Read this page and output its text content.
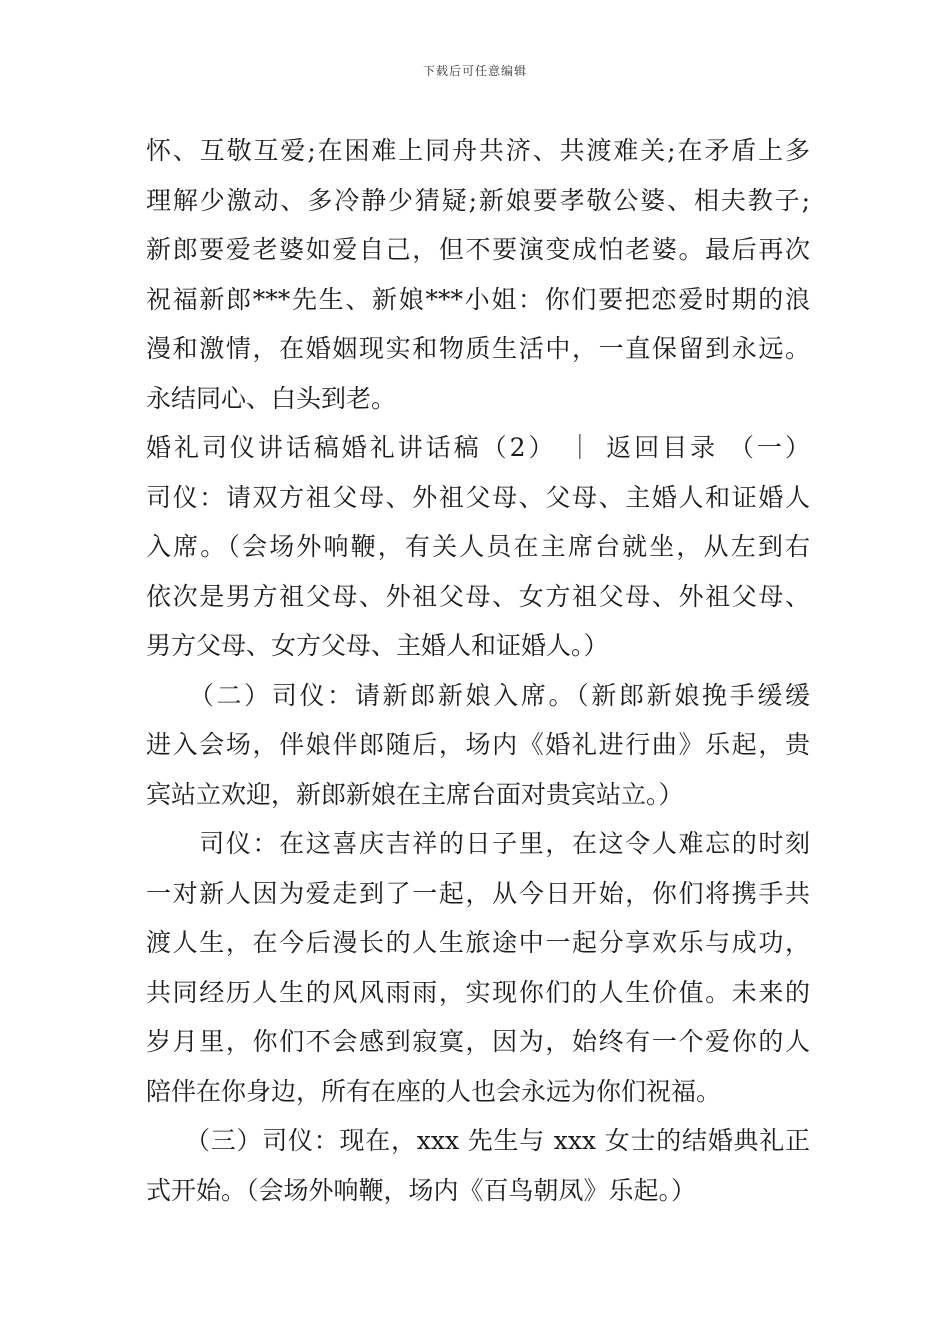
下载后可任意编辑
怀、互敬互爱;在困难上同舟共济、共渡难关;在矛盾上多
理解少激动、多冷静少猜疑;新娘要孝敬公婆、相夫教子;
新郎要爱老婆如爱自己，但不要演变成怕老婆。最后再次
祝福新郎***先生、新娘***小姐：你们要把恋爱时期的浪
漫和激情，在婚姻现实和物质生活中，一直保留到永远。
永结同心、白头到老。
婚礼司仪讲话稿婚礼讲话稿（2） ｜ 返回目录 （一）
司仪：请双方祖父母、外祖父母、父母、主婚人和证婚人
入席。（会场外响鞭，有关人员在主席台就坐，从左到右
依次是男方祖父母、外祖父母、女方祖父母、外祖父母、
男方父母、女方父母、主婚人和证婚人。）
　　（二）司仪：请新郎新娘入席。（新郎新娘挽手缓缓
进入会场，伴娘伴郎随后，场内《婚礼进行曲》乐起，贵
宾站立欢迎，新郎新娘在主席台面对贵宾站立。）
　　司仪：在这喜庆吉祥的日子里，在这令人难忘的时刻
一对新人因为爱走到了一起，从今日开始，你们将携手共
渡人生，在今后漫长的人生旅途中一起分享欢乐与成功，
共同经历人生的风风雨雨，实现你们的人生价值。未来的
岁月里，你们不会感到寂寞，因为，始终有一个爱你的人
陪伴在你身边，所有在座的人也会永远为你们祝福。
　　（三）司仪：现在，xxx 先生与 xxx 女士的结婚典礼正
式开始。（会场外响鞭，场内《百鸟朝凤》乐起。）
